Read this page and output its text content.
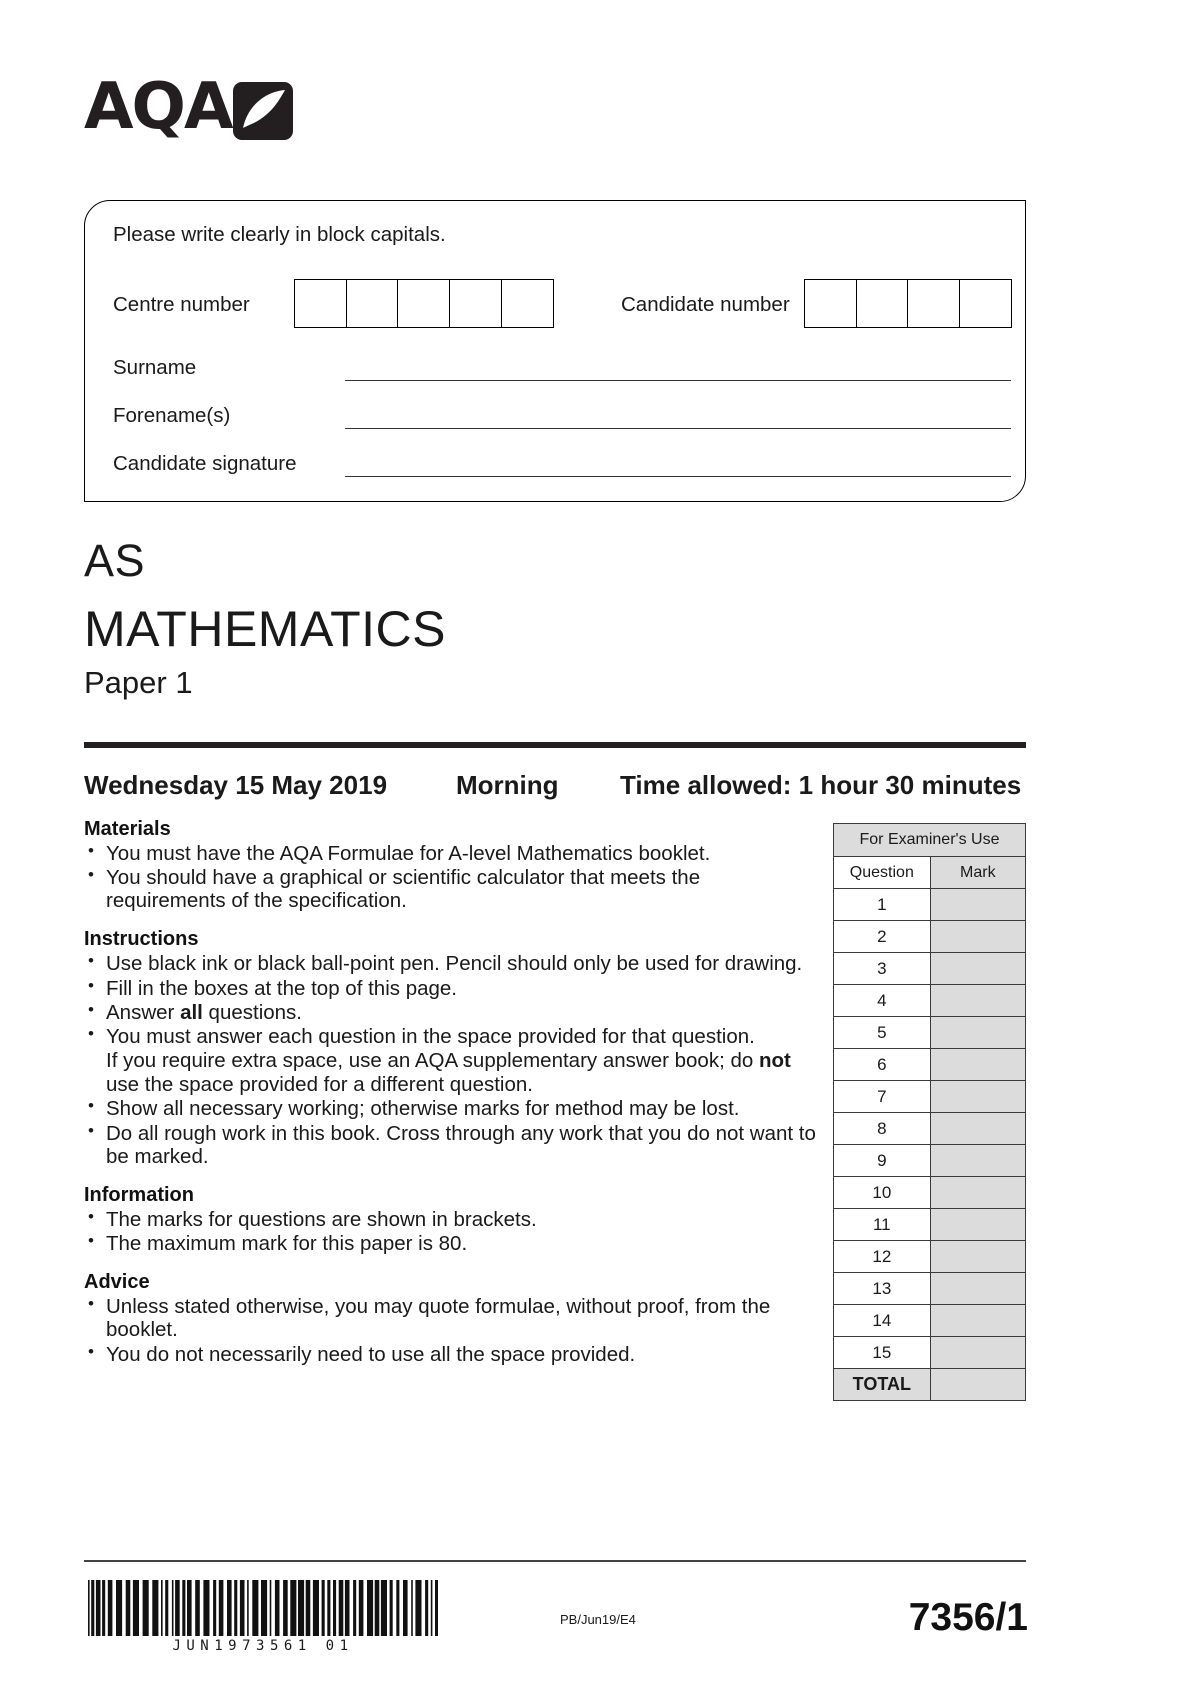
AQA
Please write clearly in block capitals.
Centre number	Candidate number
Surname
Forename(s)
Candidate signature
AS
MATHEMATICS
Paper 1
Wednesday 15 May 2019	Morning Time allowed: 1 hour 30 minutes
Materials
• You must have the AQA Formulae for A-level Mathematics booklet.
• You should have a graphical or scientific calculator that meets the requirements of the specification.
Instructions
• Use black ink or black ball-point pen. Pencil should only be used for drawing.
• Fill in the boxes at the top of this page.
• Answer all questions.
• You must answer each question in the space provided for that question.
If you require extra space, use an AQA supplementary answer book; do not
use the space provided for a different question.
• Show all necessary working; otherwise marks for method may be lost.
• Do all rough work in this book. Cross through any work that you do not want to be marked.
Information
• The marks for questions are shown in brackets.
• The maximum mark for this paper is 80.
Advice
• Unless stated otherwise, you may quote formulae, without proof, from the booklet.
• You do not necessarily need to use all the space provided.
For Examiner's Use	
Question	Mark
1	
2	
3	
4	
5	
6	
7	
8	
9	
10	
11	
12	
13	
14	
15	
TOTAL	
JUN1973561 01
PB/Jun19/E4	7356/1
